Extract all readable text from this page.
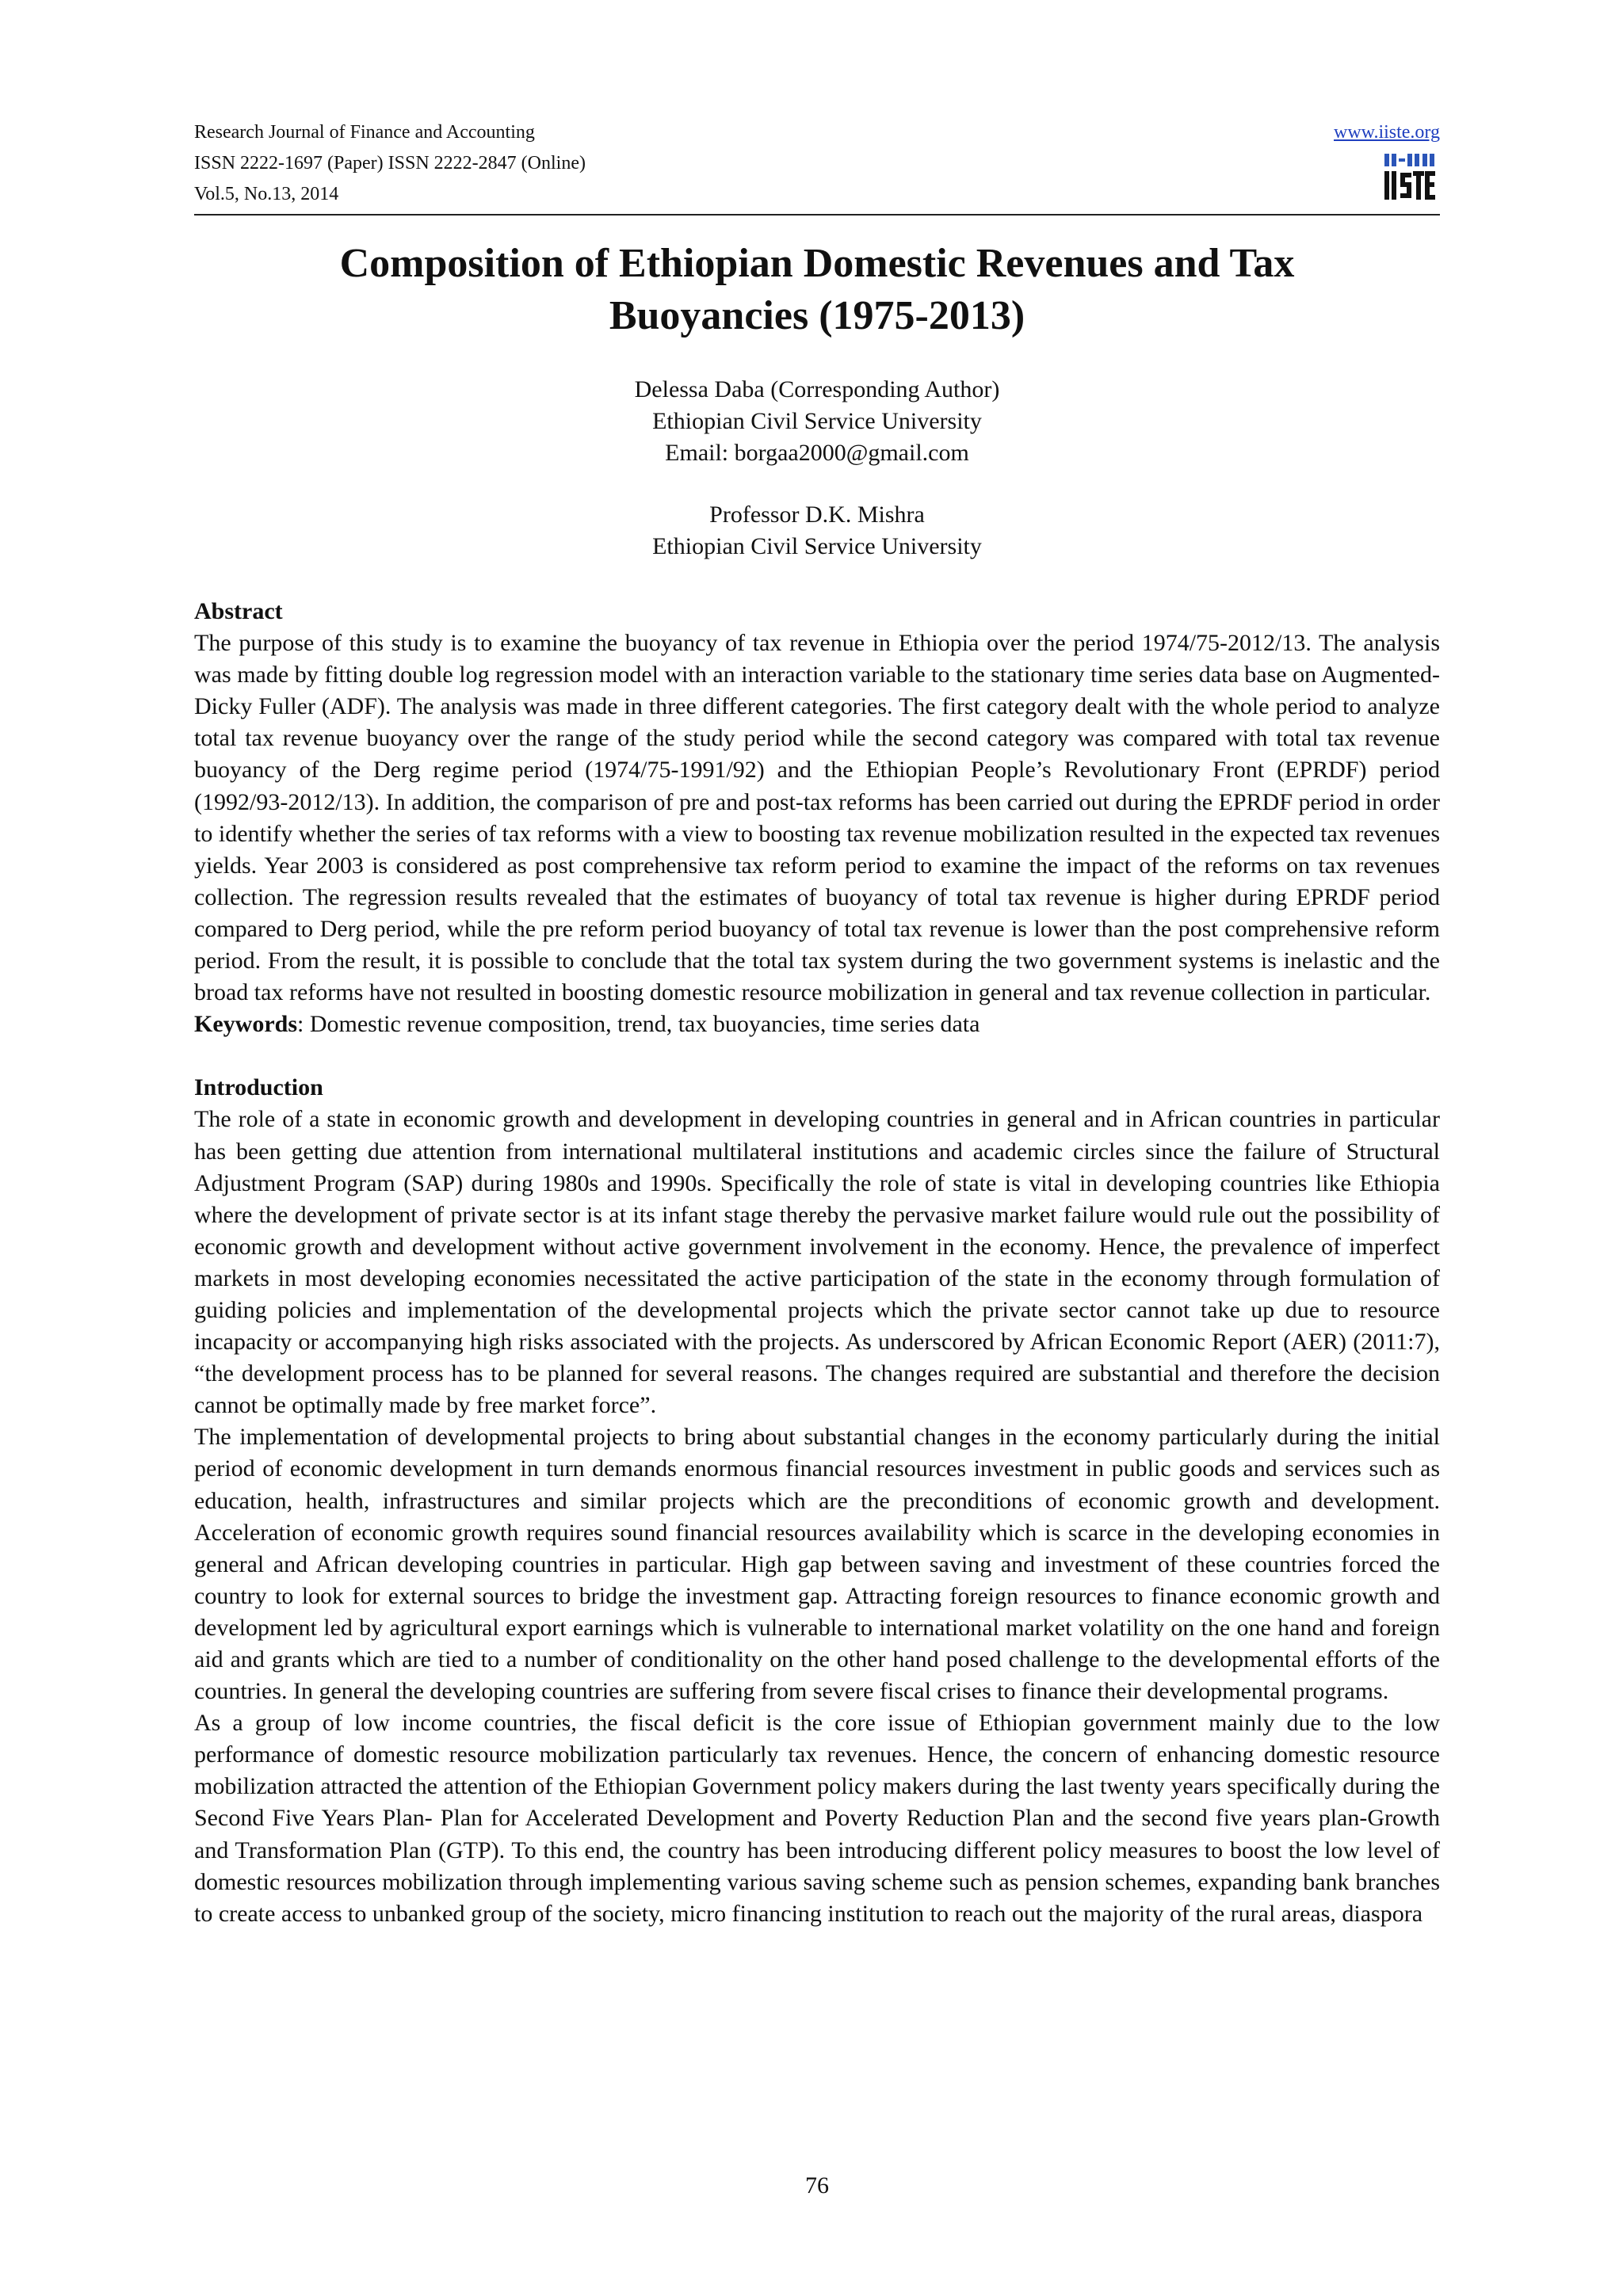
Research Journal of Finance and Accounting
ISSN 2222-1697 (Paper) ISSN 2222-2847 (Online)
Vol.5, No.13, 2014
www.iiste.org
Composition of Ethiopian Domestic Revenues and Tax
Buoyancies (1975-2013)
Delessa Daba (Corresponding Author)
Ethiopian Civil Service University
Email: borgaa2000@gmail.com
Professor D.K. Mishra
Ethiopian Civil Service University
Abstract

The purpose of this study is to examine the buoyancy of tax revenue in Ethiopia over the period 1974/75-2012/13. The analysis was made by fitting double log regression model with an interaction variable to the stationary time series data base on Augmented-Dicky Fuller (ADF). The analysis was made in three different categories. The first category dealt with the whole period to analyze total tax revenue buoyancy over the range of the study period while the second category was compared with total tax revenue buoyancy of the Derg regime period (1974/75-1991/92) and the Ethiopian People’s Revolutionary Front (EPRDF) period (1992/93-2012/13). In addition, the comparison of pre and post-tax reforms has been carried out during the EPRDF period in order to identify whether the series of tax reforms with a view to boosting tax revenue mobilization resulted in the expected tax revenues yields. Year 2003 is considered as post comprehensive tax reform period to examine the impact of the reforms on tax revenues collection. The regression results revealed that the estimates of buoyancy of total tax revenue is higher during EPRDF period compared to Derg period, while the pre reform period buoyancy of total tax revenue is lower than the post comprehensive reform period. From the result, it is possible to conclude that the total tax system during the two government systems is inelastic and the broad tax reforms have not resulted in boosting domestic resource mobilization in general and tax revenue collection in particular.

Keywords: Domestic revenue composition, trend, tax buoyancies, time series data

Introduction

The role of a state in economic growth and development in developing countries in general and in African countries in particular has been getting due attention from international multilateral institutions and academic circles since the failure of Structural Adjustment Program (SAP) during 1980s and 1990s. Specifically the role of state is vital in developing countries like Ethiopia where the development of private sector is at its infant stage thereby the pervasive market failure would rule out the possibility of economic growth and development without active government involvement in the economy. Hence, the prevalence of imperfect markets in most developing economies necessitated the active participation of the state in the economy through formulation of guiding policies and implementation of the developmental projects which the private sector cannot take up due to resource incapacity or accompanying high risks associated with the projects. As underscored by African Economic Report (AER) (2011:7), “the development process has to be planned for several reasons. The changes required are substantial and therefore the decision cannot be optimally made by free market force”.

The implementation of developmental projects to bring about substantial changes in the economy particularly during the initial period of economic development in turn demands enormous financial resources investment in public goods and services such as education, health, infrastructures and similar projects which are the preconditions of economic growth and development. Acceleration of economic growth requires sound financial resources availability which is scarce in the developing economies in general and African developing countries in particular. High gap between saving and investment of these countries forced the country to look for external sources to bridge the investment gap. Attracting foreign resources to finance economic growth and development led by agricultural export earnings which is vulnerable to international market volatility on the one hand and foreign aid and grants which are tied to a number of conditionality on the other hand posed challenge to the developmental efforts of the countries. In general the developing countries are suffering from severe fiscal crises to finance their developmental programs.

As a group of low income countries, the fiscal deficit is the core issue of Ethiopian government mainly due to the low performance of domestic resource mobilization particularly tax revenues. Hence, the concern of enhancing domestic resource mobilization attracted the attention of the Ethiopian Government policy makers during the last twenty years specifically during the Second Five Years Plan- Plan for Accelerated Development and Poverty Reduction Plan and the second five years plan-Growth and Transformation Plan (GTP). To this end, the country has been introducing different policy measures to boost the low level of domestic resources mobilization through implementing various saving scheme such as pension schemes, expanding bank branches to create access to unbanked group of the society, micro financing institution to reach out the majority of the rural areas, diaspora

76
